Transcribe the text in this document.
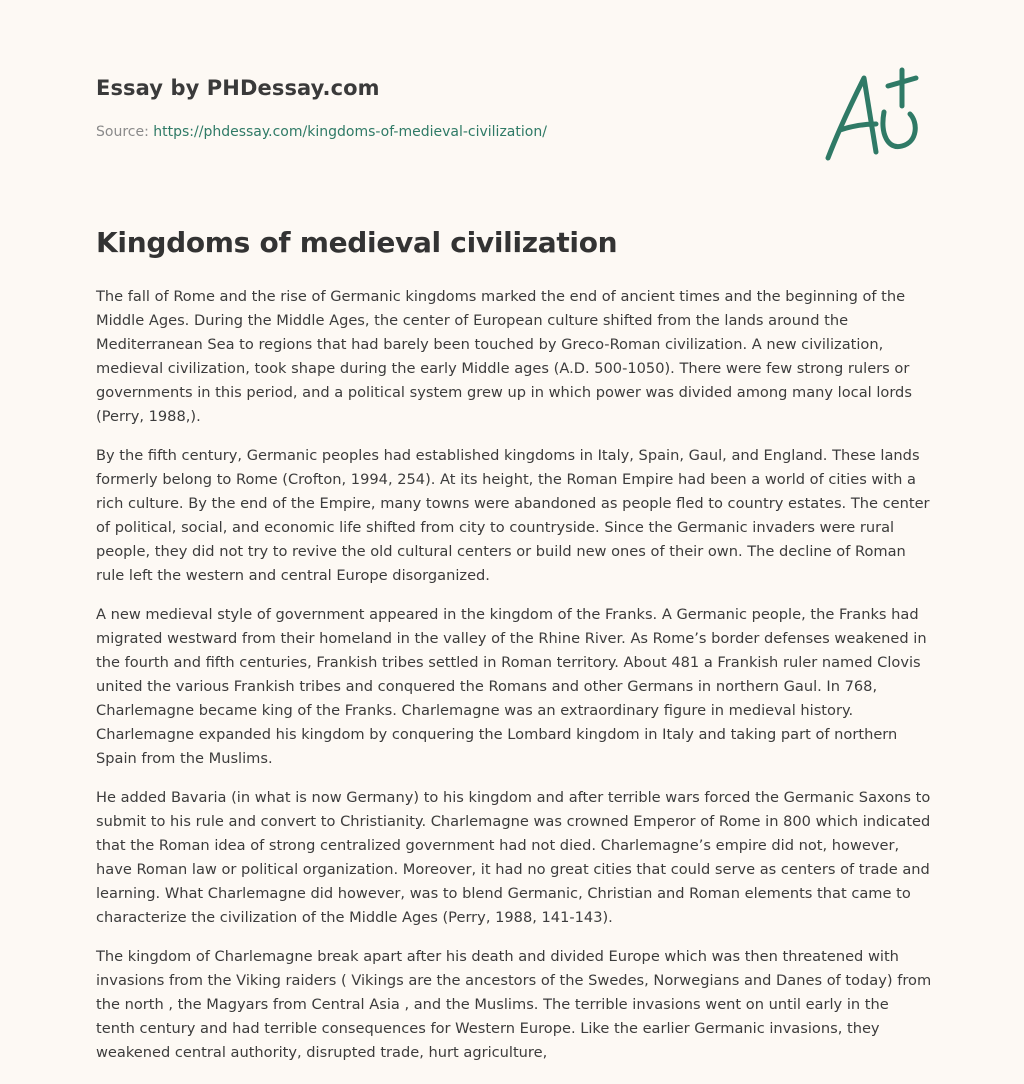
Essay by PHDessay.com
Source: https://phdessay.com/kingdoms-of-medieval-civilization/
Kingdoms of medieval civilization

The fall of Rome and the rise of Germanic kingdoms marked the end of ancient times and the beginning of the Middle Ages. During the Middle Ages, the center of European culture shifted from the lands around the Mediterranean Sea to regions that had barely been touched by Greco-Roman civilization. A new civilization, medieval civilization, took shape during the early Middle ages (A.D. 500-1050). There were few strong rulers or governments in this period, and a political system grew up in which power was divided among many local lords (Perry, 1988,).

By the fifth century, Germanic peoples had established kingdoms in Italy, Spain, Gaul, and England. These lands formerly belong to Rome (Crofton, 1994, 254). At its height, the Roman Empire had been a world of cities with a rich culture. By the end of the Empire, many towns were abandoned as people fled to country estates. The center of political, social, and economic life shifted from city to countryside. Since the Germanic invaders were rural people, they did not try to revive the old cultural centers or build new ones of their own. The decline of Roman rule left the western and central Europe disorganized.

A new medieval style of government appeared in the kingdom of the Franks. A Germanic people, the Franks had migrated westward from their homeland in the valley of the Rhine River. As Rome’s border defenses weakened in the fourth and fifth centuries, Frankish tribes settled in Roman territory. About 481 a Frankish ruler named Clovis united the various Frankish tribes and conquered the Romans and other Germans in northern Gaul. In 768, Charlemagne became king of the Franks. Charlemagne was an extraordinary figure in medieval history. Charlemagne expanded his kingdom by conquering the Lombard kingdom in Italy and taking part of northern Spain from the Muslims.

He added Bavaria (in what is now Germany) to his kingdom and after terrible wars forced the Germanic Saxons to submit to his rule and convert to Christianity. Charlemagne was crowned Emperor of Rome in 800 which indicated that the Roman idea of strong centralized government had not died. Charlemagne’s empire did not, however, have Roman law or political organization. Moreover, it had no great cities that could serve as centers of trade and learning. What Charlemagne did however, was to blend Germanic, Christian and Roman elements that came to characterize the civilization of the Middle Ages (Perry, 1988, 141-143).

The kingdom of Charlemagne break apart after his death and divided Europe which was then threatened with invasions from the Viking raiders ( Vikings are the ancestors of the Swedes, Norwegians and Danes of today) from the north , the Magyars from Central Asia , and the Muslims. The terrible invasions went on until early in the tenth century and had terrible consequences for Western Europe. Like the earlier Germanic invasions, they weakened central authority, disrupted trade, hurt agriculture,
